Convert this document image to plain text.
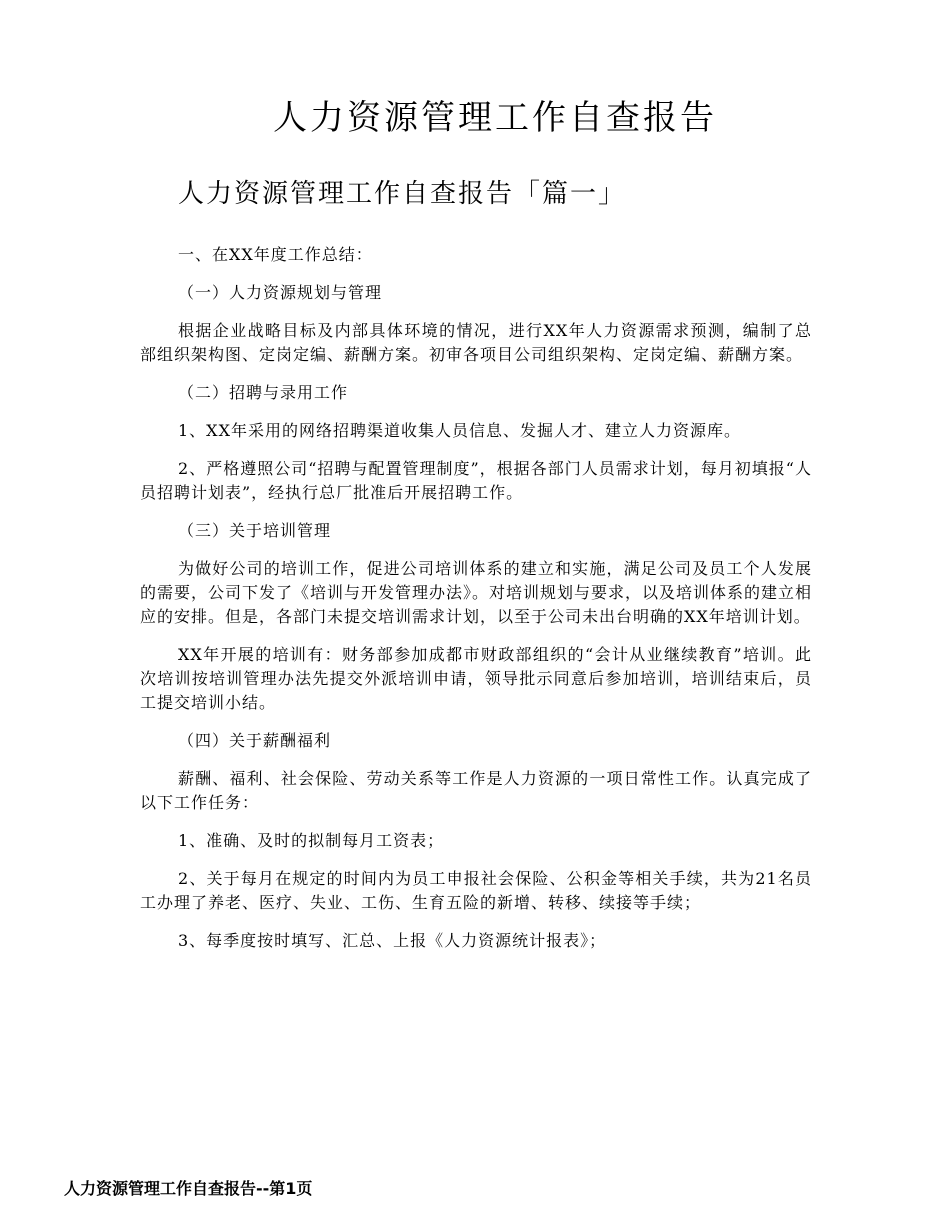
人力资源管理工作自查报告
人力资源管理工作自查报告「篇一」

一、在XX年度工作总结：

（一）人力资源规划与管理

根据企业战略目标及内部具体环境的情况，进行XX年人力资源需求预测，编制了总部组织架构图、定岗定编、薪酬方案。初审各项目公司组织架构、定岗定编、薪酬方案。

（二）招聘与录用工作

1、XX年采用的网络招聘渠道收集人员信息、发掘人才、建立人力资源库。

2、严格遵照公司“招聘与配置管理制度”，根据各部门人员需求计划，每月初填报“人员招聘计划表”，经执行总厂批准后开展招聘工作。

（三）关于培训管理

为做好公司的培训工作，促进公司培训体系的建立和实施，满足公司及员工个人发展的需要，公司下发了《培训与开发管理办法》。对培训规划与要求，以及培训体系的建立相应的安排。但是，各部门未提交培训需求计划，以至于公司未出台明确的XX年培训计划。

XX年开展的培训有：财务部参加成都市财政部组织的“会计从业继续教育”培训。此次培训按培训管理办法先提交外派培训申请，领导批示同意后参加培训，培训结束后，员工提交培训小结。

（四）关于薪酬福利

薪酬、福利、社会保险、劳动关系等工作是人力资源的一项日常性工作。认真完成了以下工作任务：

1、准确、及时的拟制每月工资表；

2、关于每月在规定的时间内为员工申报社会保险、公积金等相关手续，共为21名员工办理了养老、医疗、失业、工伤、生育五险的新增、转移、续接等手续；

3、每季度按时填写、汇总、上报《人力资源统计报表》；

人力资源管理工作自查报告--第1页
